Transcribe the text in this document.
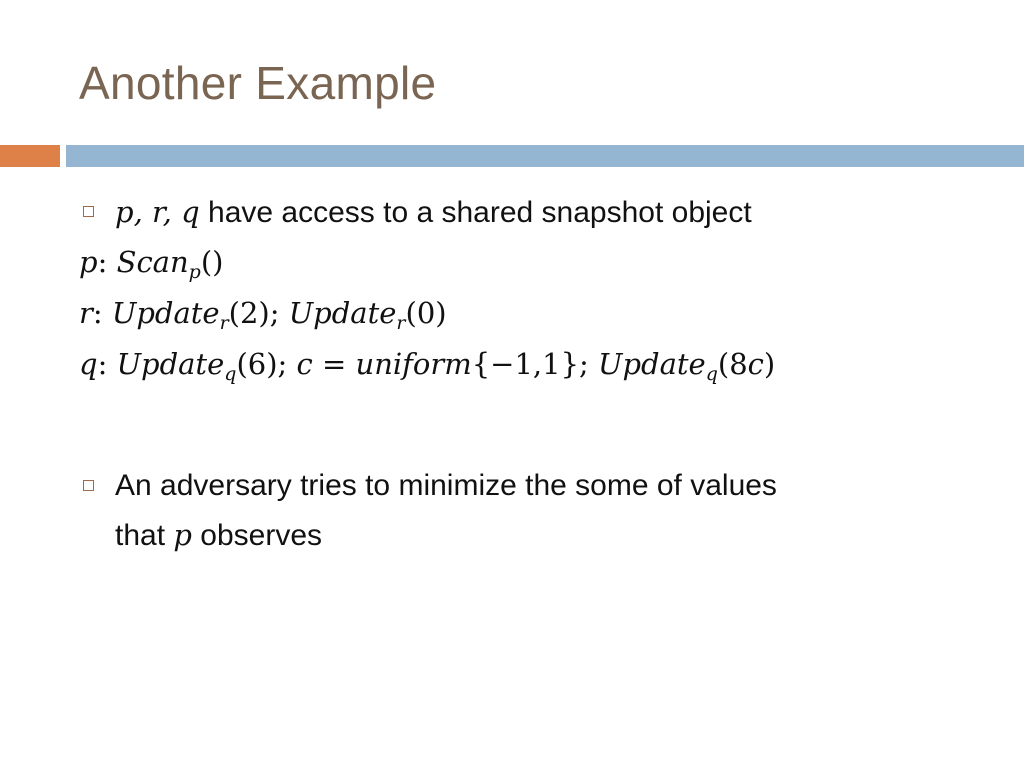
Another Example
p, r, q have access to a shared snapshot object
p: Scan$_p$()
r: Update$_r$(2); Update$_r$(0)
q: Update$_q$(6); c = uniform{−1,1}; Update$_q$(8c)
An adversary tries to minimize the some of values
that p observes
